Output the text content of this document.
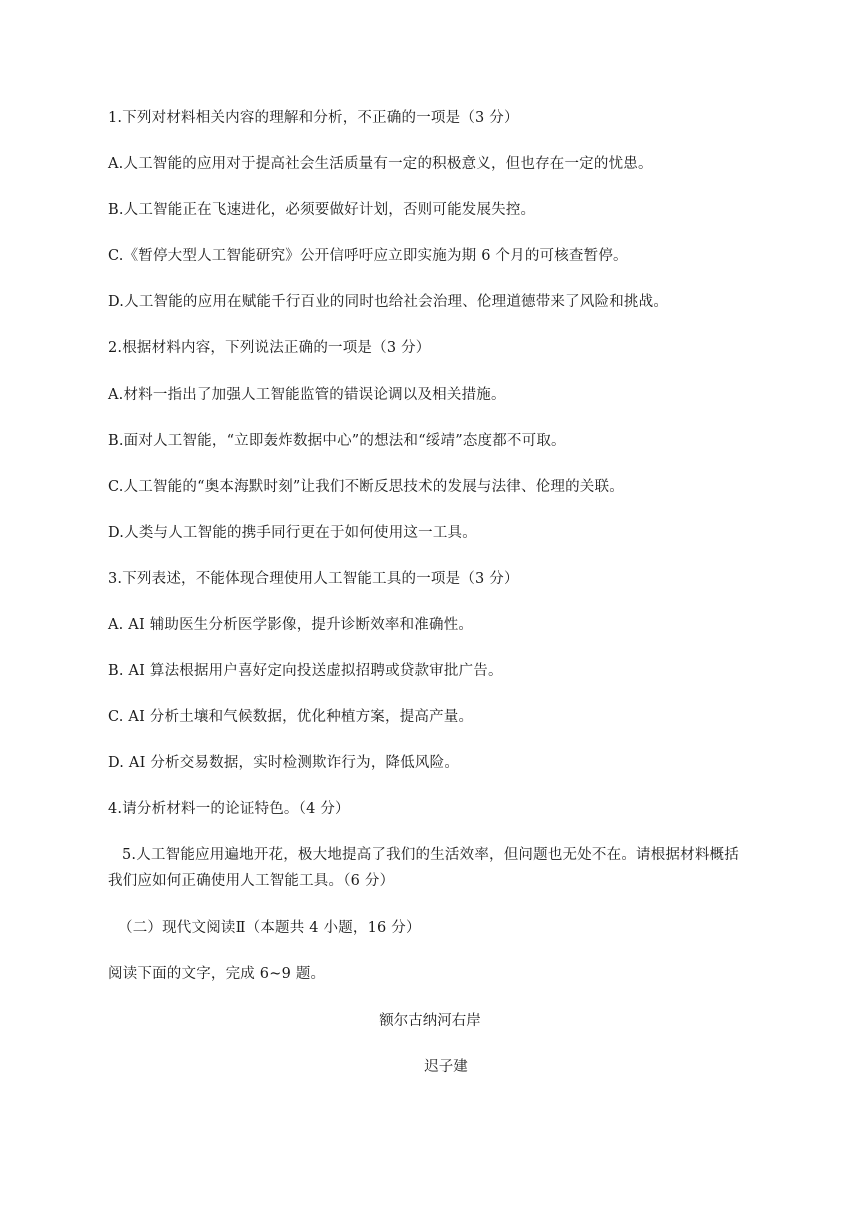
1.下列对材料相关内容的理解和分析，不正确的一项是（3 分）
A.人工智能的应用对于提高社会生活质量有一定的积极意义，但也存在一定的忧患。
B.人工智能正在飞速进化，必须要做好计划，否则可能发展失控。
C.《暂停大型人工智能研究》公开信呼吁应立即实施为期 6 个月的可核查暂停。
D.人工智能的应用在赋能千行百业的同时也给社会治理、伦理道德带来了风险和挑战。
2.根据材料内容，下列说法正确的一项是（3 分）
A.材料一指出了加强人工智能监管的错误论调以及相关措施。
B.面对人工智能，“立即轰炸数据中心”的想法和“绥靖”态度都不可取。
C.人工智能的“奥本海默时刻”让我们不断反思技术的发展与法律、伦理的关联。
D.人类与人工智能的携手同行更在于如何使用这一工具。
3.下列表述，不能体现合理使用人工智能工具的一项是（3 分）
A. AI 辅助医生分析医学影像，提升诊断效率和准确性。
B. AI 算法根据用户喜好定向投送虚拟招聘或贷款审批广告。
C. AI 分析土壤和气候数据，优化种植方案，提高产量。
D. AI 分析交易数据，实时检测欺诈行为，降低风险。
4.请分析材料一的论证特色。（4 分）
5.人工智能应用遍地开花，极大地提高了我们的生活效率，但问题也无处不在。请根据材料概括我们应如何正确使用人工智能工具。（6 分）
（二）现代文阅读Ⅱ（本题共 4 小题，16 分）
阅读下面的文字，完成 6~9 题。
额尔古纳河右岸
迟子建
